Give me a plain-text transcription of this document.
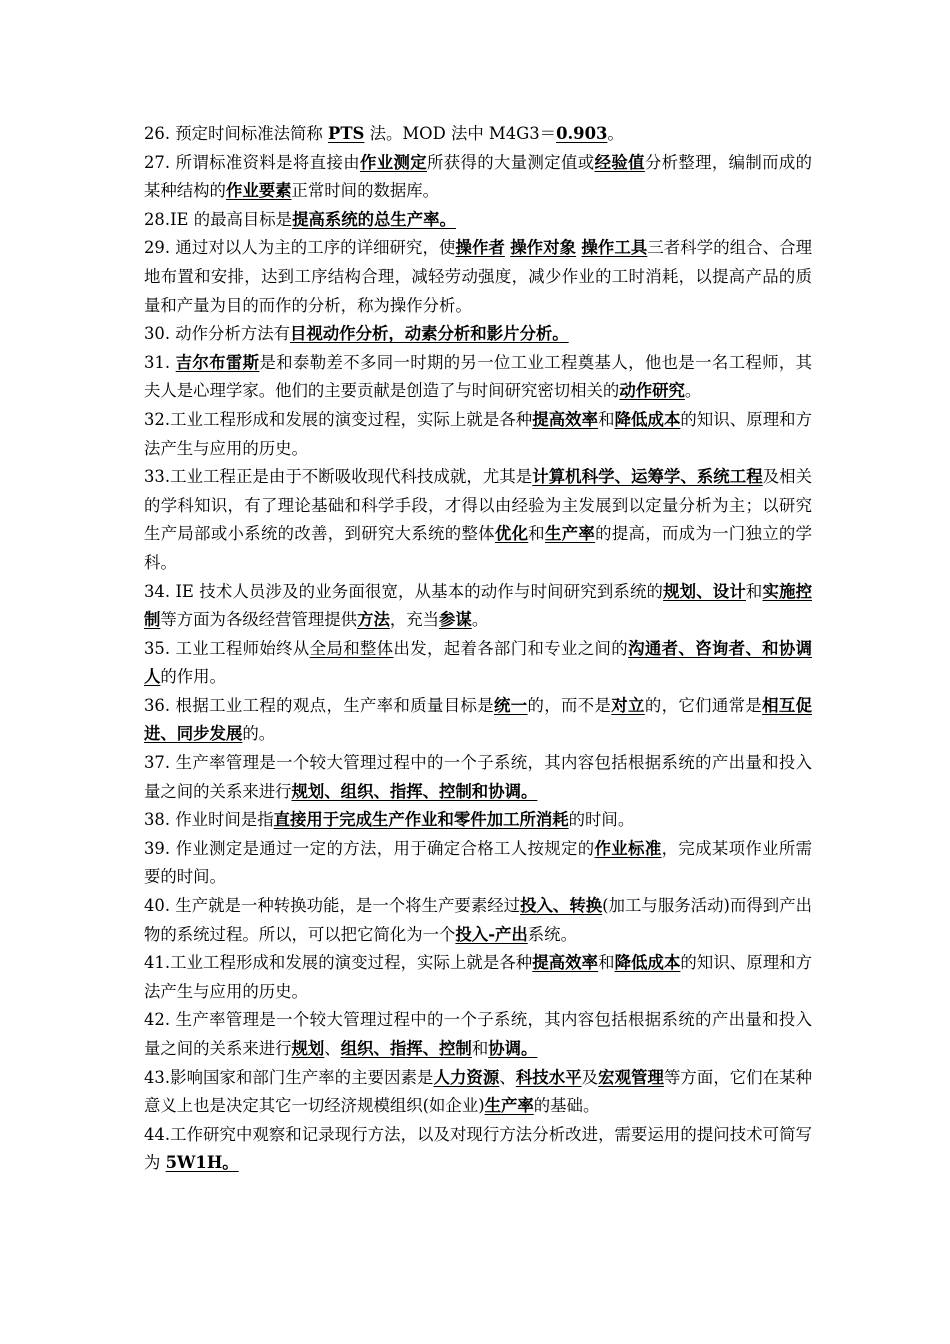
26. 预定时间标准法简称 PTS 法。MOD 法中 M4G3＝0.903。

27. 所谓标准资料是将直接由作业测定所获得的大量测定值或经验值分析整理，编制而成的某种结构的作业要素正常时间的数据库。

28.IE 的最高目标是提高系统的总生产率。

29. 通过对以人为主的工序的详细研究，使操作者 操作对象 操作工具三者科学的组合、合理地布置和安排，达到工序结构合理，减轻劳动强度，减少作业的工时消耗，以提高产品的质量和产量为目的而作的分析，称为操作分析。

30. 动作分析方法有目视动作分析，动素分析和影片分析。

31. 吉尔布雷斯是和泰勒差不多同一时期的另一位工业工程奠基人，他也是一名工程师，其夫人是心理学家。他们的主要贡献是创造了与时间研究密切相关的动作研究。

32.工业工程形成和发展的演变过程，实际上就是各种提高效率和降低成本的知识、原理和方法产生与应用的历史。

33.工业工程正是由于不断吸收现代科技成就，尤其是计算机科学、运筹学、系统工程及相关的学科知识，有了理论基础和科学手段，才得以由经验为主发展到以定量分析为主；以研究生产局部或小系统的改善，到研究大系统的整体优化和生产率的提高，而成为一门独立的学科。

34. IE 技术人员涉及的业务面很宽，从基本的动作与时间研究到系统的规划、设计和实施控制等方面为各级经营管理提供方法，充当参谋。

35. 工业工程师始终从全局和整体出发，起着各部门和专业之间的沟通者、咨询者、和协调人的作用。

36. 根据工业工程的观点，生产率和质量目标是统一的，而不是对立的，它们通常是相互促进、同步发展的。

37. 生产率管理是一个较大管理过程中的一个子系统，其内容包括根据系统的产出量和投入量之间的关系来进行规划、组织、指挥、控制和协调。

38. 作业时间是指直接用于完成生产作业和零件加工所消耗的时间。

39. 作业测定是通过一定的方法，用于确定合格工人按规定的作业标准，完成某项作业所需要的时间。

40. 生产就是一种转换功能，是一个将生产要素经过投入、转换(加工与服务活动)而得到产出物的系统过程。所以，可以把它简化为一个投入-产出系统。

41.工业工程形成和发展的演变过程，实际上就是各种提高效率和降低成本的知识、原理和方法产生与应用的历史。

42. 生产率管理是一个较大管理过程中的一个子系统，其内容包括根据系统的产出量和投入量之间的关系来进行规划、组织、指挥、控制和协调。

43.影响国家和部门生产率的主要因素是人力资源、科技水平及宏观管理等方面，它们在某种意义上也是决定其它一切经济规模组织(如企业)生产率的基础。

44.工作研究中观察和记录现行方法，以及对现行方法分析改进，需要运用的提问技术可简写为 5W1H。
